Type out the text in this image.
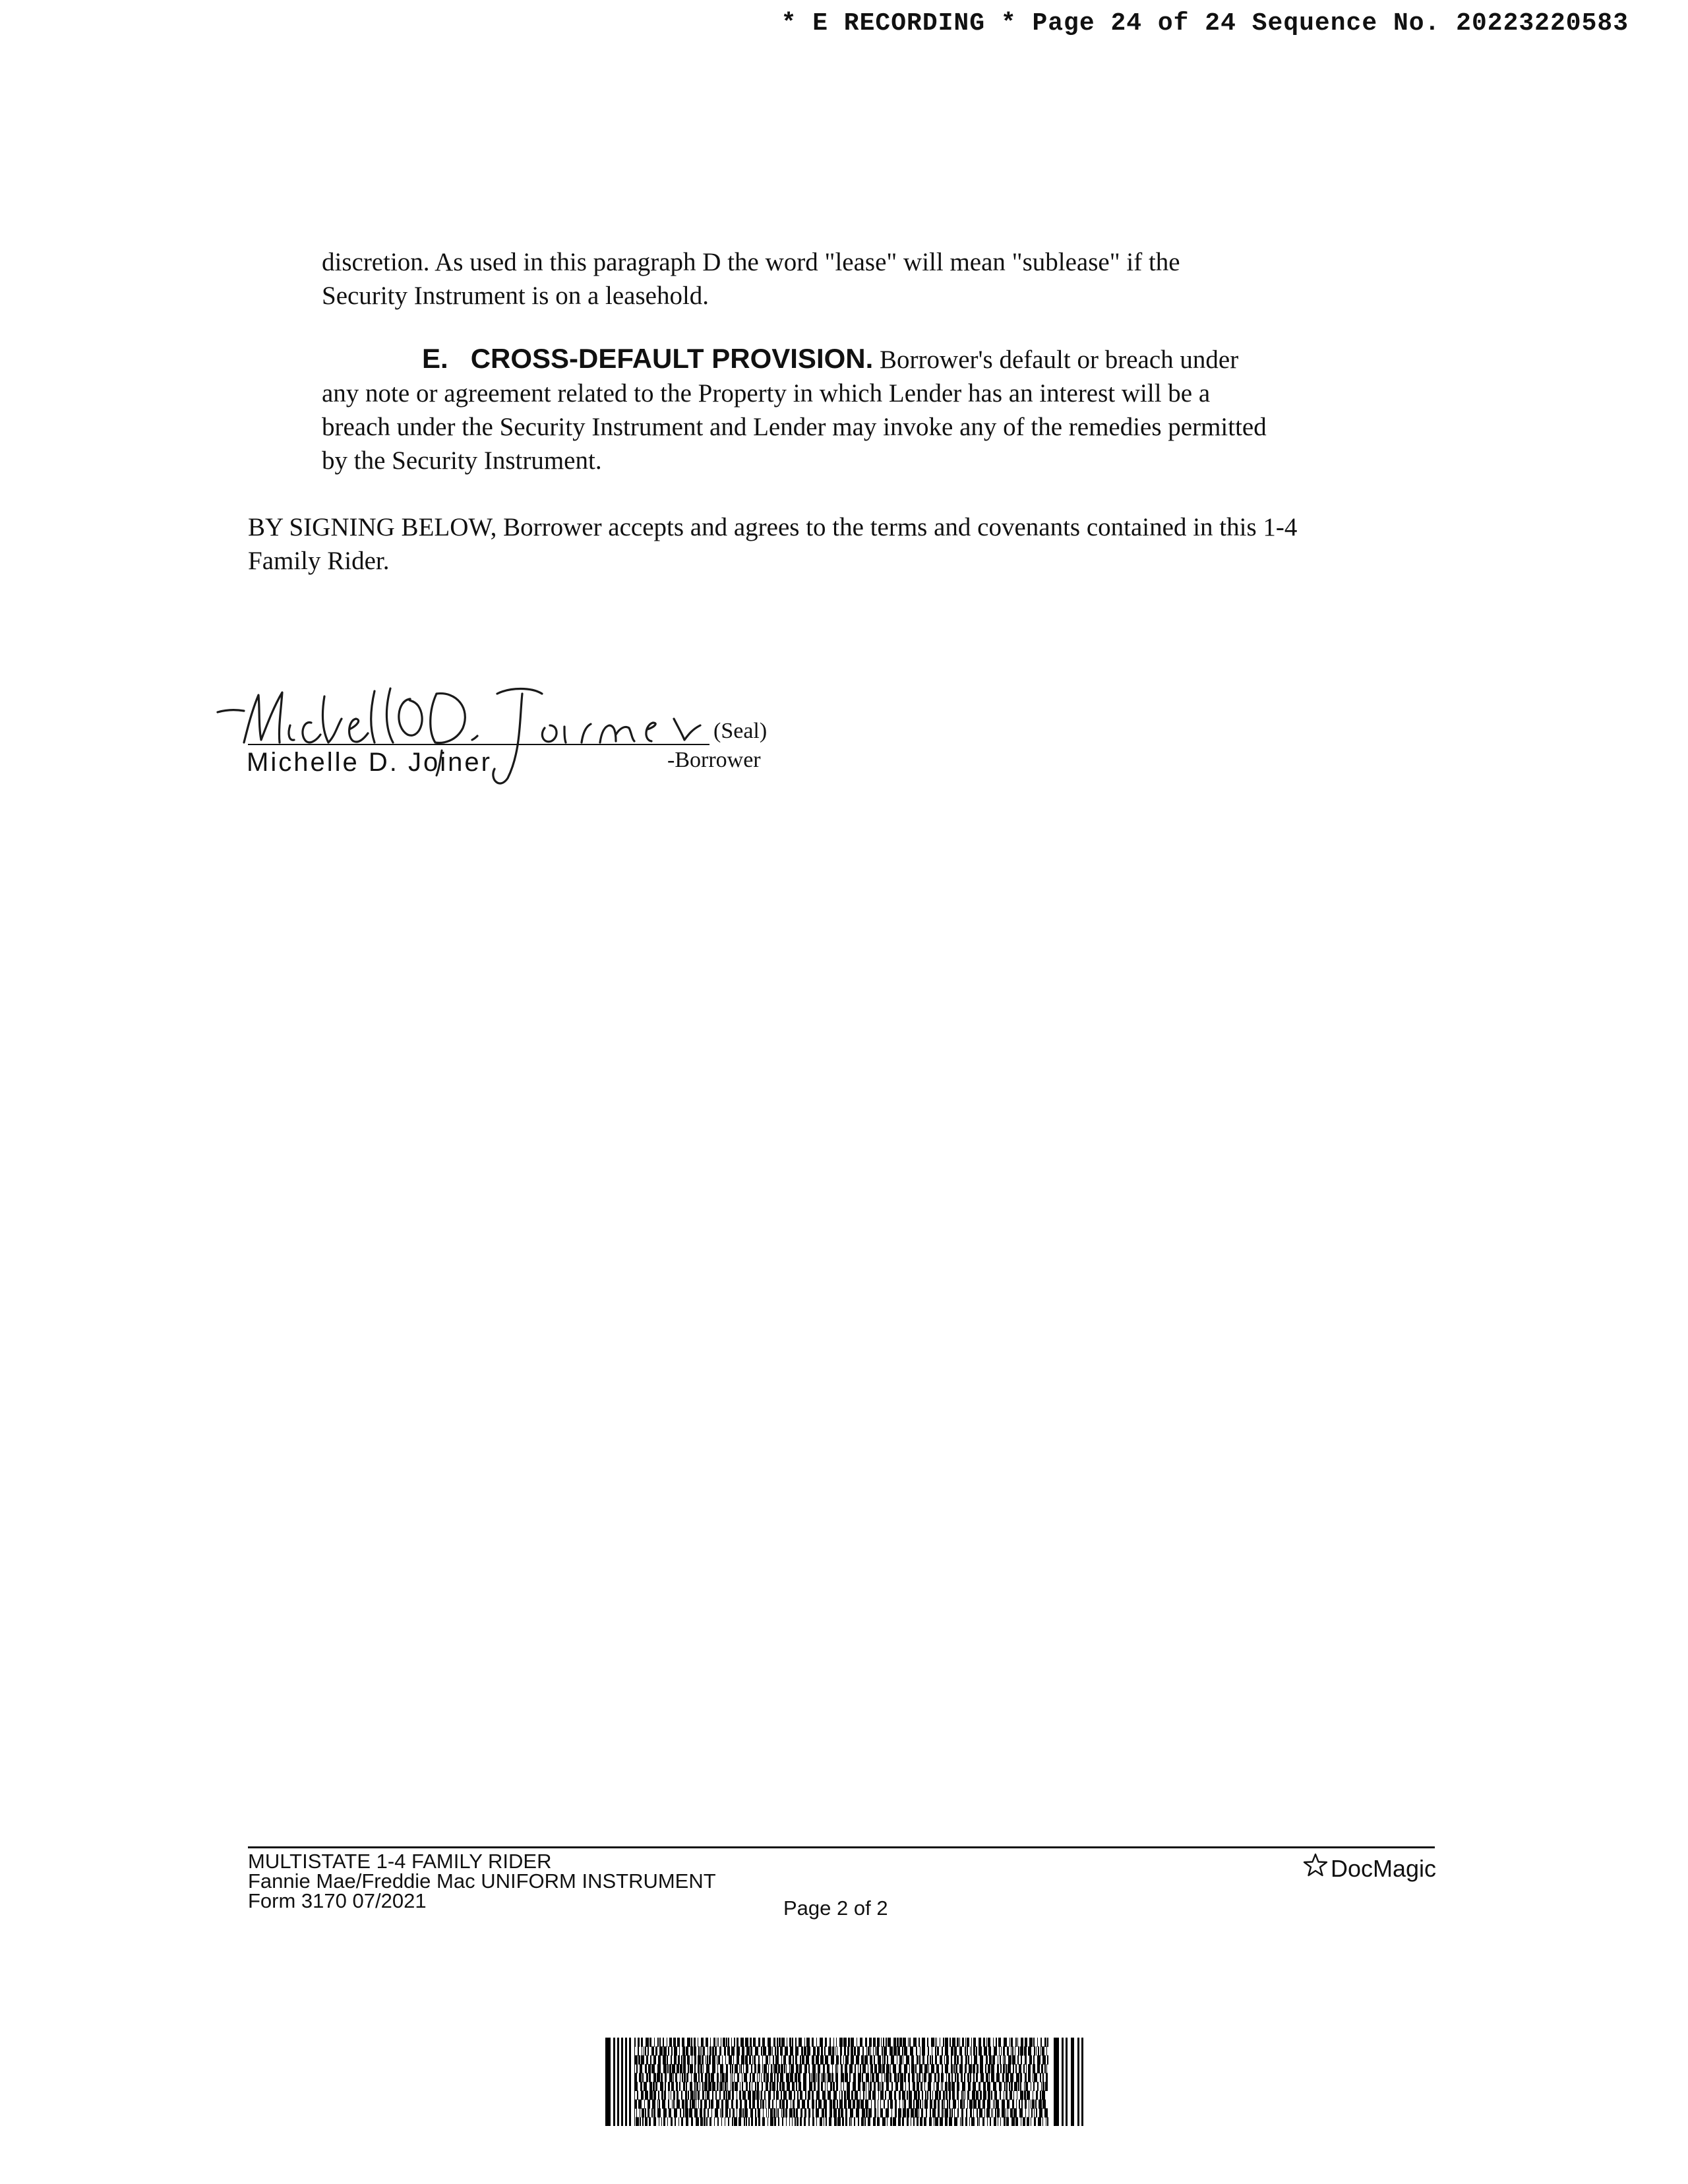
* E RECORDING * Page 24 of 24 Sequence No. 20223220583
discretion. As used in this paragraph D the word "lease" will mean "sublease" if the
Security Instrument is on a leasehold.
E. CROSS-DEFAULT PROVISION. Borrower's default or breach under
any note or agreement related to the Property in which Lender has an interest will be a
breach under the Security Instrument and Lender may invoke any of the remedies permitted
by the Security Instrument.
BY SIGNING BELOW, Borrower accepts and agrees to the terms and covenants contained in this 1-4
Family Rider.
(Seal)
Michelle D. Joiner	-Borrower
MULTISTATE 1-4 FAMILY RIDER
Fannie Mae/Freddie Mac UNIFORM INSTRUMENT
Form 3170 07/2021	Page 2 of 2
DocMagic
